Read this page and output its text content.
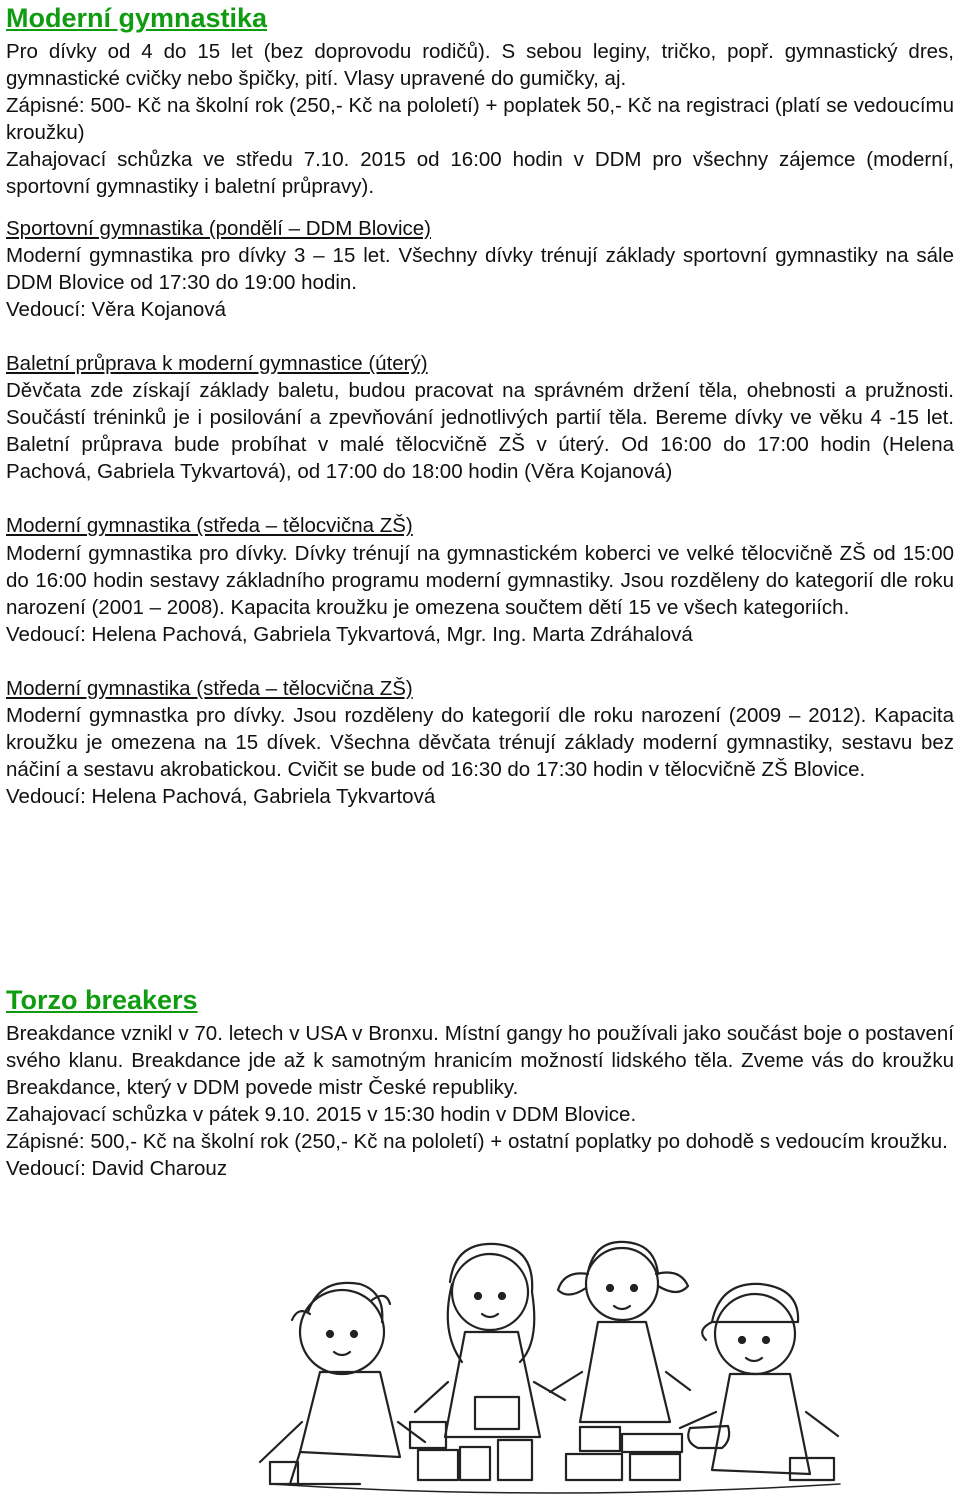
Moderní gymnastika

Pro dívky od 4 do 15 let (bez doprovodu rodičů). S sebou leginy, tričko, popř. gymnastický dres, gymnastické cvičky nebo špičky, pití. Vlasy upravené do gumičky, aj.

Zápisné: 500- Kč na školní rok (250,- Kč na pololetí) + poplatek 50,- Kč na registraci (platí se vedoucímu kroužku)

Zahajovací schůzka ve středu 7.10. 2015 od 16:00 hodin v DDM pro všechny zájemce (moderní, sportovní gymnastiky i baletní průpravy).

Sportovní gymnastika (pondělí – DDM Blovice)

Moderní gymnastika pro dívky 3 – 15 let. Všechny dívky trénují základy sportovní gymnastiky na sále DDM Blovice od 17:30 do 19:00 hodin.

Vedoucí: Věra Kojanová

Baletní průprava k moderní gymnastice (úterý)

Děvčata zde získají základy baletu, budou pracovat na správném držení těla, ohebnosti a pružnosti. Součástí tréninků je i posilování a zpevňování jednotlivých partií těla. Bereme dívky ve věku 4 -15 let. Baletní průprava bude probíhat v malé tělocvičně ZŠ v úterý. Od 16:00 do 17:00 hodin (Helena Pachová, Gabriela Tykvartová), od 17:00 do 18:00 hodin (Věra Kojanová)

Moderní gymnastika (středa – tělocvična ZŠ)

Moderní gymnastika pro dívky. Dívky trénují na gymnastickém koberci ve velké tělocvičně ZŠ od 15:00 do 16:00 hodin sestavy základního programu moderní gymnastiky. Jsou rozděleny do kategorií dle roku narození (2001 – 2008). Kapacita kroužku je omezena součtem dětí 15 ve všech kategoriích.

Vedoucí: Helena Pachová, Gabriela Tykvartová, Mgr. Ing. Marta Zdráhalová

Moderní gymnastika (středa – tělocvična ZŠ)

Moderní gymnastka pro dívky. Jsou rozděleny do kategorií dle roku narození (2009 – 2012). Kapacita kroužku je omezena na 15 dívek. Všechna děvčata trénují základy moderní gymnastiky, sestavu bez náčiní a sestavu akrobatickou. Cvičit se bude od 16:30 do 17:30 hodin v tělocvičně ZŠ Blovice.

Vedoucí: Helena Pachová, Gabriela Tykvartová

Torzo breakers

Breakdance vznikl v 70. letech v USA v Bronxu. Místní gangy ho používali jako součást boje o postavení svého klanu. Breakdance jde až k samotným hranicím možností lidského těla. Zveme vás do kroužku Breakdance, který v DDM povede mistr České republiky.

Zahajovací schůzka v pátek 9.10. 2015 v 15:30 hodin v DDM Blovice.

Zápisné: 500,- Kč na školní rok (250,- Kč na pololetí) + ostatní poplatky po dohodě s vedoucím kroužku.

Vedoucí: David Charouz
